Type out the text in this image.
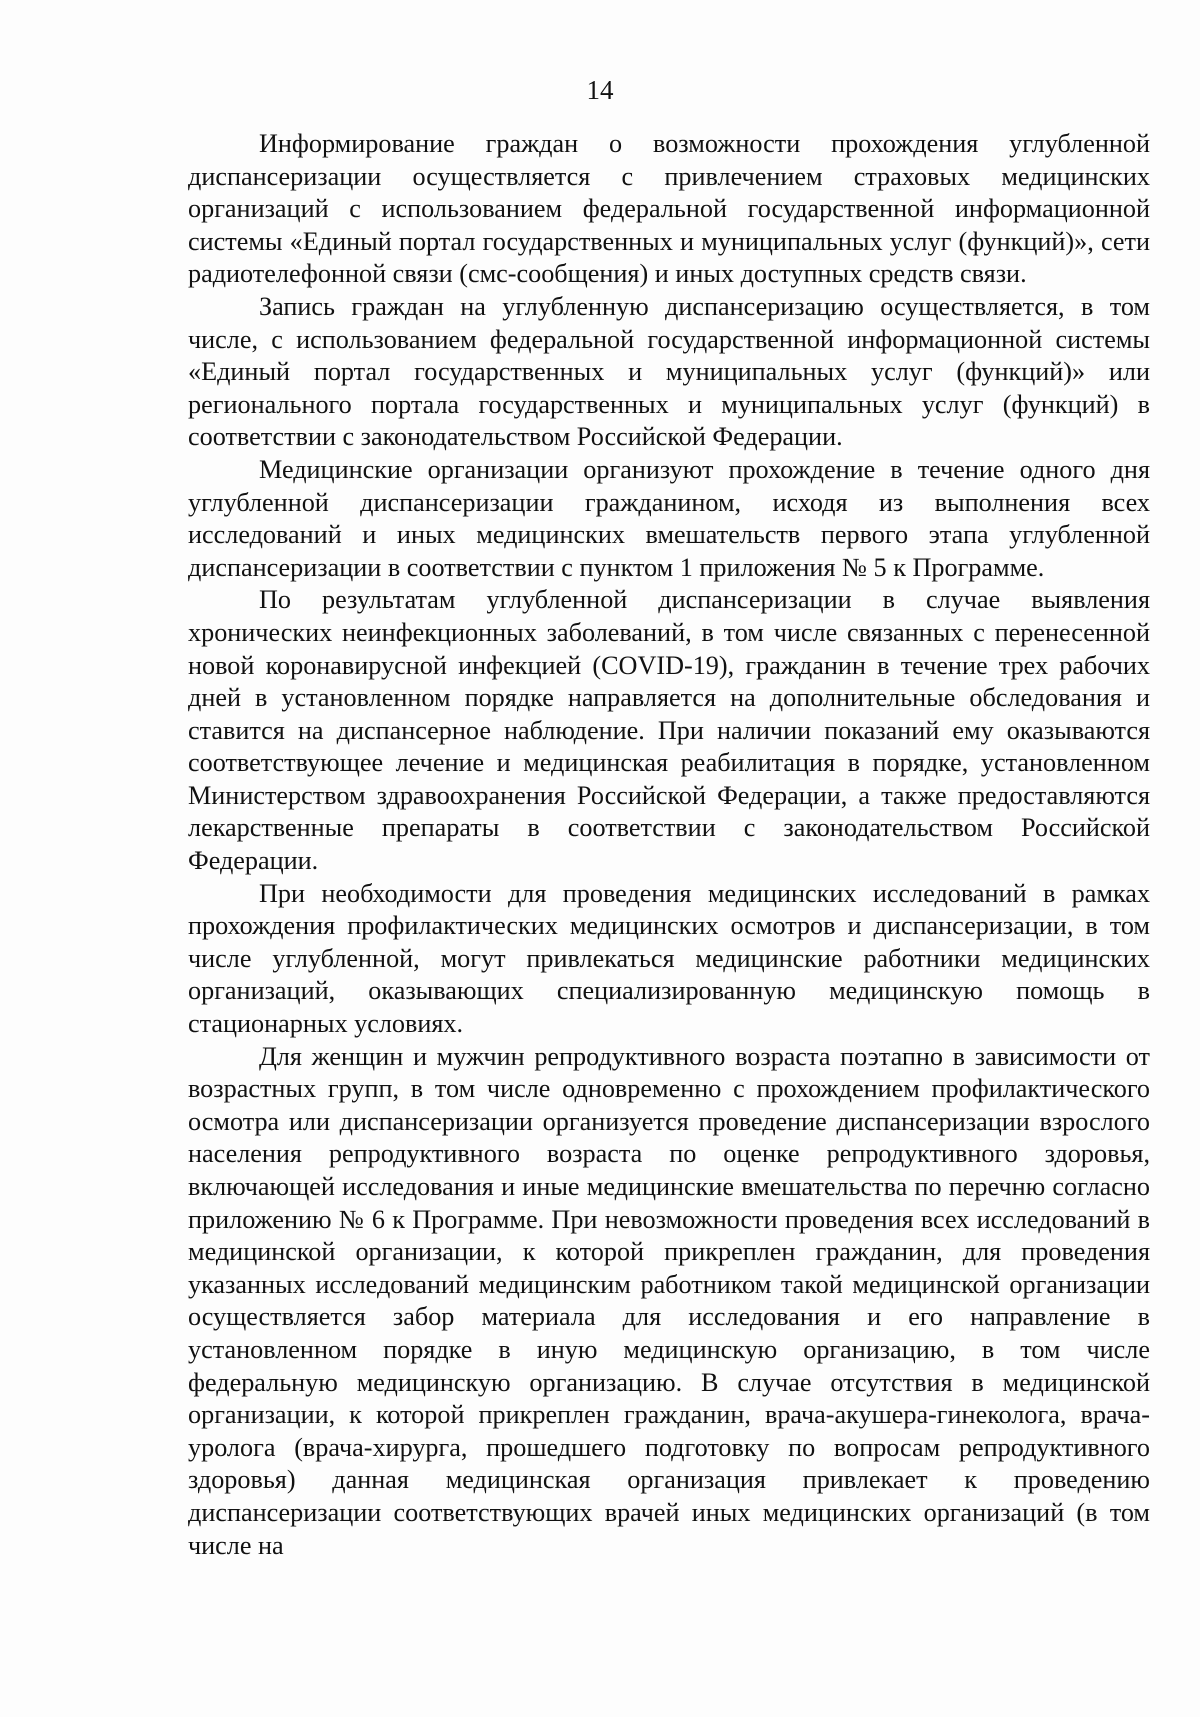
14

Информирование граждан о возможности прохождения углубленной диспансеризации осуществляется с привлечением страховых медицинских организаций с использованием федеральной государственной информационной системы «Единый портал государственных и муниципальных услуг (функций)», сети радиотелефонной связи (смс-сообщения) и иных доступных средств связи.

Запись граждан на углубленную диспансеризацию осуществляется, в том числе, с использованием федеральной государственной информационной системы «Единый портал государственных и муниципальных услуг (функций)» или регионального портала государственных и муниципальных услуг (функций) в соответствии с законодательством Российской Федерации.

Медицинские организации организуют прохождение в течение одного дня углубленной диспансеризации гражданином, исходя из выполнения всех исследований и иных медицинских вмешательств первого этапа углубленной диспансеризации в соответствии с пунктом 1 приложения № 5 к Программе.

По результатам углубленной диспансеризации в случае выявления хронических неинфекционных заболеваний, в том числе связанных с перенесенной новой коронавирусной инфекцией (COVID-19), гражданин в течение трех рабочих дней в установленном порядке направляется на дополнительные обследования и ставится на диспансерное наблюдение. При наличии показаний ему оказываются соответствующее лечение и медицинская реабилитация в порядке, установленном Министерством здравоохранения Российской Федерации, а также предоставляются лекарственные препараты в соответствии с законодательством Российской Федерации.

При необходимости для проведения медицинских исследований в рамках прохождения профилактических медицинских осмотров и диспансеризации, в том числе углубленной, могут привлекаться медицинские работники медицинских организаций, оказывающих специализированную медицинскую помощь в стационарных условиях.

Для женщин и мужчин репродуктивного возраста поэтапно в зависимости от возрастных групп, в том числе одновременно с прохождением профилактического осмотра или диспансеризации организуется проведение диспансеризации взрослого населения репродуктивного возраста по оценке репродуктивного здоровья, включающей исследования и иные медицинские вмешательства по перечню согласно приложению № 6 к Программе. При невозможности проведения всех исследований в медицинской организации, к которой прикреплен гражданин, для проведения указанных исследований медицинским работником такой медицинской организации осуществляется забор материала для исследования и его направление в установленном порядке в иную медицинскую организацию, в том числе федеральную медицинскую организацию. В случае отсутствия в медицинской организации, к которой прикреплен гражданин, врача-акушера-гинеколога, врача-уролога (врача-хирурга, прошедшего подготовку по вопросам репродуктивного здоровья) данная медицинская организация привлекает к проведению диспансеризации соответствующих врачей иных медицинских организаций (в том числе на
